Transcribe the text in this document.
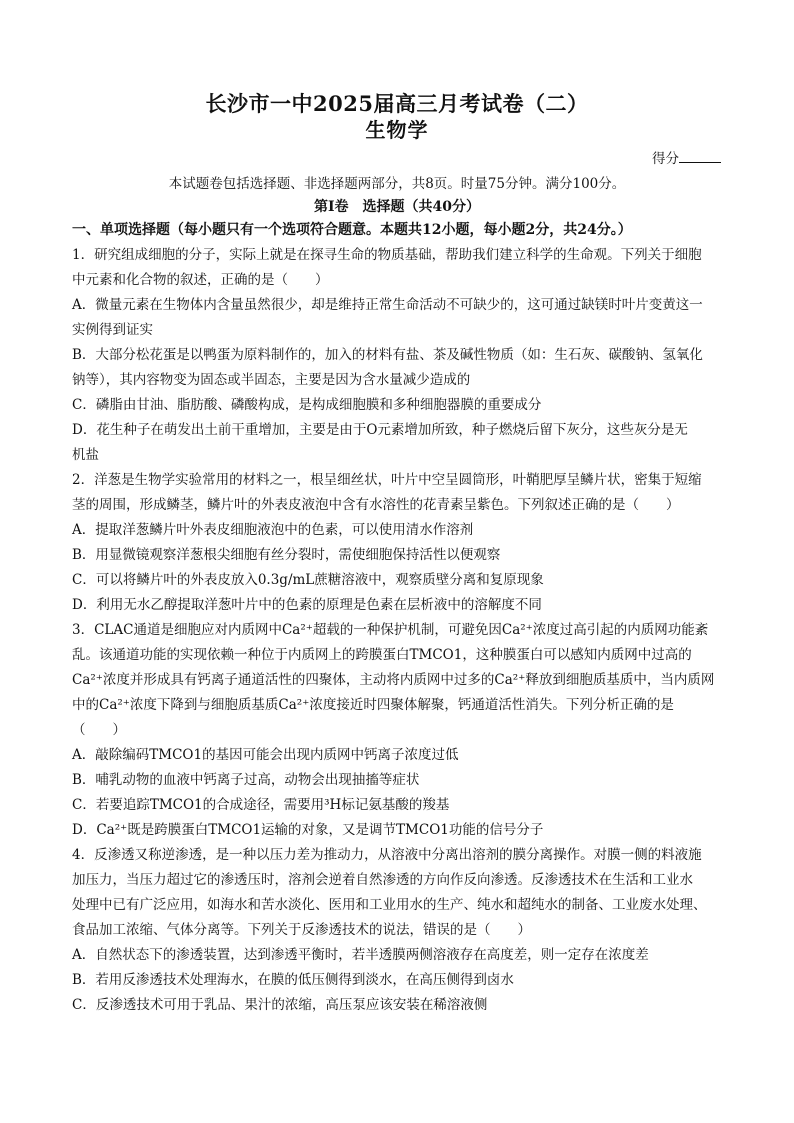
长沙市一中2025届高三月考试卷（二）
生物学
得分
本试题卷包括选择题、非选择题两部分，共8页。时量75分钟。满分100分。
第Ⅰ卷　选择题（共40分）
一、单项选择题（每小题只有一个选项符合题意。本题共12小题，每小题2分，共24分。）
1．研究组成细胞的分子，实际上就是在探寻生命的物质基础，帮助我们建立科学的生命观。下列关于细胞
中元素和化合物的叙述，正确的是（　　）
A．微量元素在生物体内含量虽然很少，却是维持正常生命活动不可缺少的，这可通过缺镁时叶片变黄这一
实例得到证实
B．大部分松花蛋是以鸭蛋为原料制作的，加入的材料有盐、茶及碱性物质（如：生石灰、碳酸钠、氢氧化
钠等），其内容物变为固态或半固态，主要是因为含水量减少造成的
C．磷脂由甘油、脂肪酸、磷酸构成，是构成细胞膜和多种细胞器膜的重要成分
D．花生种子在萌发出土前干重增加，主要是由于O元素增加所致，种子燃烧后留下灰分，这些灰分是无
机盐
2．洋葱是生物学实验常用的材料之一，根呈细丝状，叶片中空呈圆筒形，叶鞘肥厚呈鳞片状，密集于短缩
茎的周围，形成鳞茎，鳞片叶的外表皮液泡中含有水溶性的花青素呈紫色。下列叙述正确的是（　　）
A．提取洋葱鳞片叶外表皮细胞液泡中的色素，可以使用清水作溶剂
B．用显微镜观察洋葱根尖细胞有丝分裂时，需使细胞保持活性以便观察
C．可以将鳞片叶的外表皮放入0.3g/mL蔗糖溶液中，观察质壁分离和复原现象
D．利用无水乙醇提取洋葱叶片中的色素的原理是色素在层析液中的溶解度不同
3．CLAC通道是细胞应对内质网中Ca²⁺超载的一种保护机制，可避免因Ca²⁺浓度过高引起的内质网功能紊
乱。该通道功能的实现依赖一种位于内质网上的跨膜蛋白TMCO1，这种膜蛋白可以感知内质网中过高的
Ca²⁺浓度并形成具有钙离子通道活性的四聚体，主动将内质网中过多的Ca²⁺释放到细胞质基质中，当内质网
中的Ca²⁺浓度下降到与细胞质基质Ca²⁺浓度接近时四聚体解聚，钙通道活性消失。下列分析正确的是
（　　）
A．敲除编码TMCO1的基因可能会出现内质网中钙离子浓度过低
B．哺乳动物的血液中钙离子过高，动物会出现抽搐等症状
C．若要追踪TMCO1的合成途径，需要用³H标记氨基酸的羧基
D．Ca²⁺既是跨膜蛋白TMCO1运输的对象，又是调节TMCO1功能的信号分子
4．反渗透又称逆渗透，是一种以压力差为推动力，从溶液中分离出溶剂的膜分离操作。对膜一侧的料液施
加压力，当压力超过它的渗透压时，溶剂会逆着自然渗透的方向作反向渗透。反渗透技术在生活和工业水
处理中已有广泛应用，如海水和苦水淡化、医用和工业用水的生产、纯水和超纯水的制备、工业废水处理、
食品加工浓缩、气体分离等。下列关于反渗透技术的说法，错误的是（　　）
A．自然状态下的渗透装置，达到渗透平衡时，若半透膜两侧溶液存在高度差，则一定存在浓度差
B．若用反渗透技术处理海水，在膜的低压侧得到淡水，在高压侧得到卤水
C．反渗透技术可用于乳品、果汁的浓缩，高压泵应该安装在稀溶液侧
